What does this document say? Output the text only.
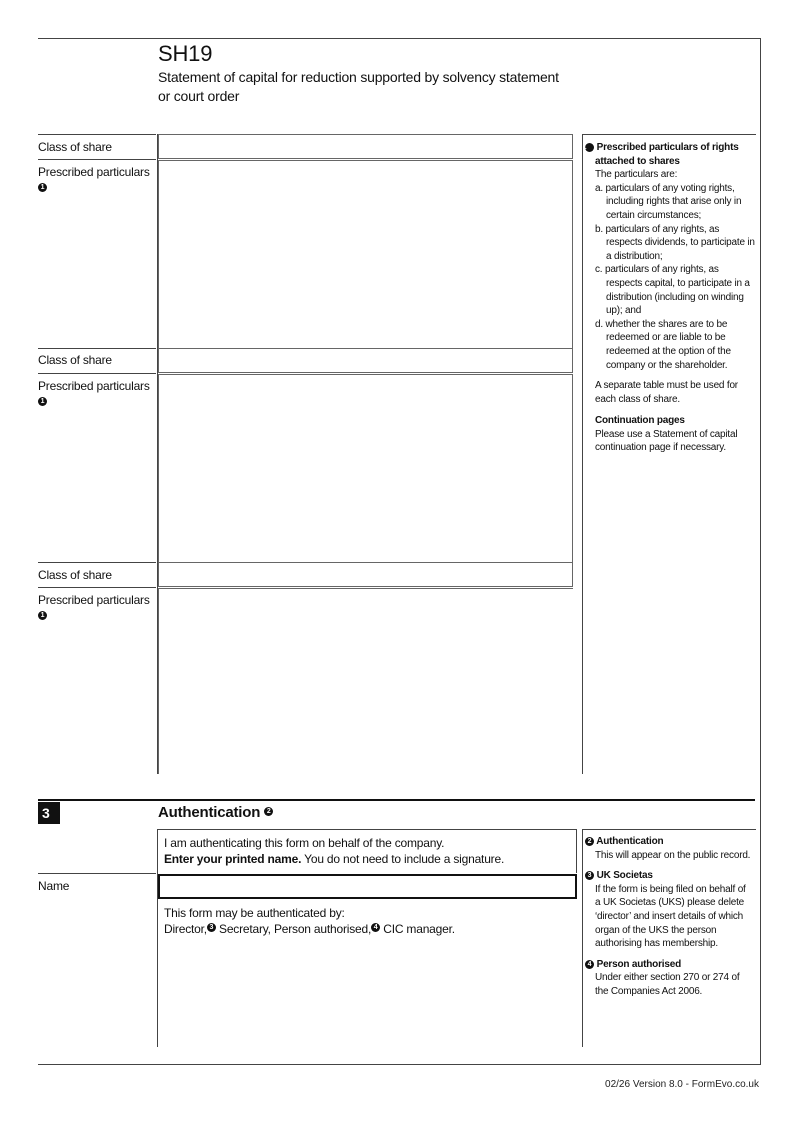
SH19
Statement of capital for reduction supported by solvency statement
or court order
Class of share
Prescribed particulars
1
Class of share
Prescribed particulars
1
Class of share
Prescribed particulars
1
1 Prescribed particulars of rights attached to shares
The particulars are:
a. particulars of any voting rights, including rights that arise only in certain circumstances;
b. particulars of any rights, as respects dividends, to participate in a distribution;
c. particulars of any rights, as respects capital, to participate in a distribution (including on winding up); and
d. whether the shares are to be redeemed or are liable to be redeemed at the option of the company or the shareholder.
A separate table must be used for each class of share.
Continuation pages
Please use a Statement of capital continuation page if necessary.
3	Authentication 2
I am authenticating this form on behalf of the company.
Enter your printed name. You do not need to include a signature.
Name
This form may be authenticated by:
Director, 3 Secretary, Person authorised, 4 CIC manager.
2 Authentication
This will appear on the public record.
3 UK Societas
If the form is being filed on behalf of a UK Societas (UKS) please delete ‘director’ and insert details of which organ of the UKS the person authorising has membership.
4 Person authorised
Under either section 270 or 274 of the Companies Act 2006.
02/26 Version 8.0 - FormEvo.co.uk
